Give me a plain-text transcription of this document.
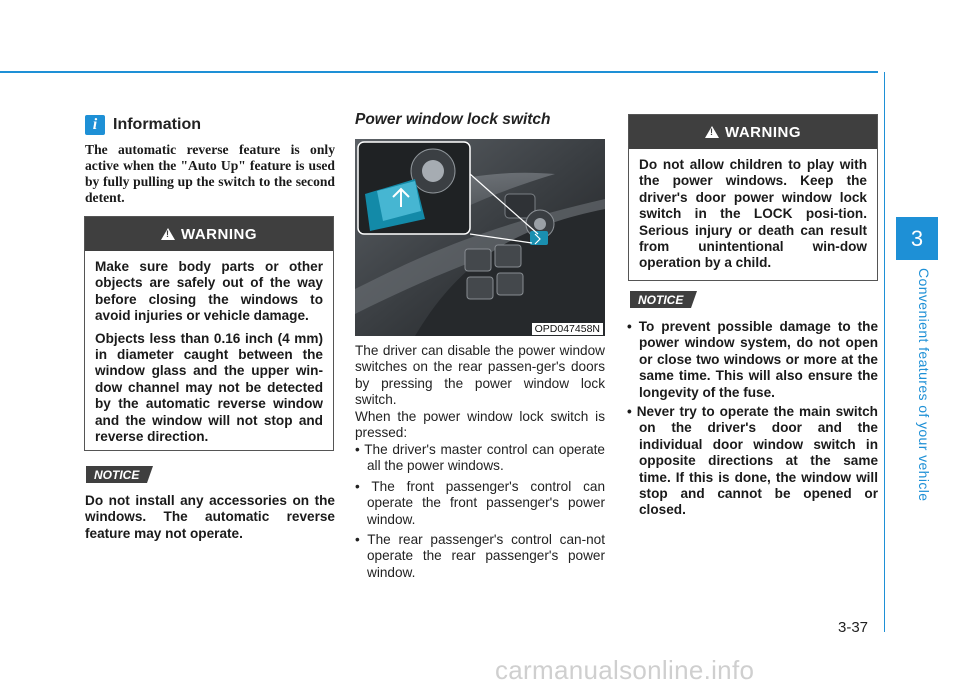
3
Convenient features of your vehicle
i Information
The automatic reverse feature is only active when the "Auto Up" feature is used by fully pulling up the switch to the second detent.
!
WARNING

Make sure body parts or other objects are safely out of the way before closing the windows to avoid injuries or vehicle damage.

Objects less than 0.16 inch (4 mm) in diameter caught between the window glass and the upper win-dow channel may not be detected by the automatic reverse window and the window will not stop and reverse direction.

NOTICE
Do not install any accessories on the windows. The automatic reverse feature may not operate.
Power window lock switch
OPD047458N
The driver can disable the power window switches on the rear passen-ger's doors by pressing the power window lock switch.
When the power window lock switch is pressed:
• The driver's master control can operate all the power windows.
• The front passenger's control can operate the front passenger's power window.
• The rear passenger's control can-not operate the rear passenger's power window.
!
WARNING

Do not allow children to play with the power windows. Keep the driver's door power window lock switch in the LOCK posi-tion. Serious injury or death can result from unintentional win-dow operation by a child.

NOTICE
• To prevent possible damage to the power window system, do not open or close two windows or more at the same time. This will also ensure the longevity of the fuse.
• Never try to operate the main switch on the driver's door and the individual door window switch in opposite directions at the same time. If this is done, the window will stop and cannot be opened or closed.
3-37
carmanualsonline.info
